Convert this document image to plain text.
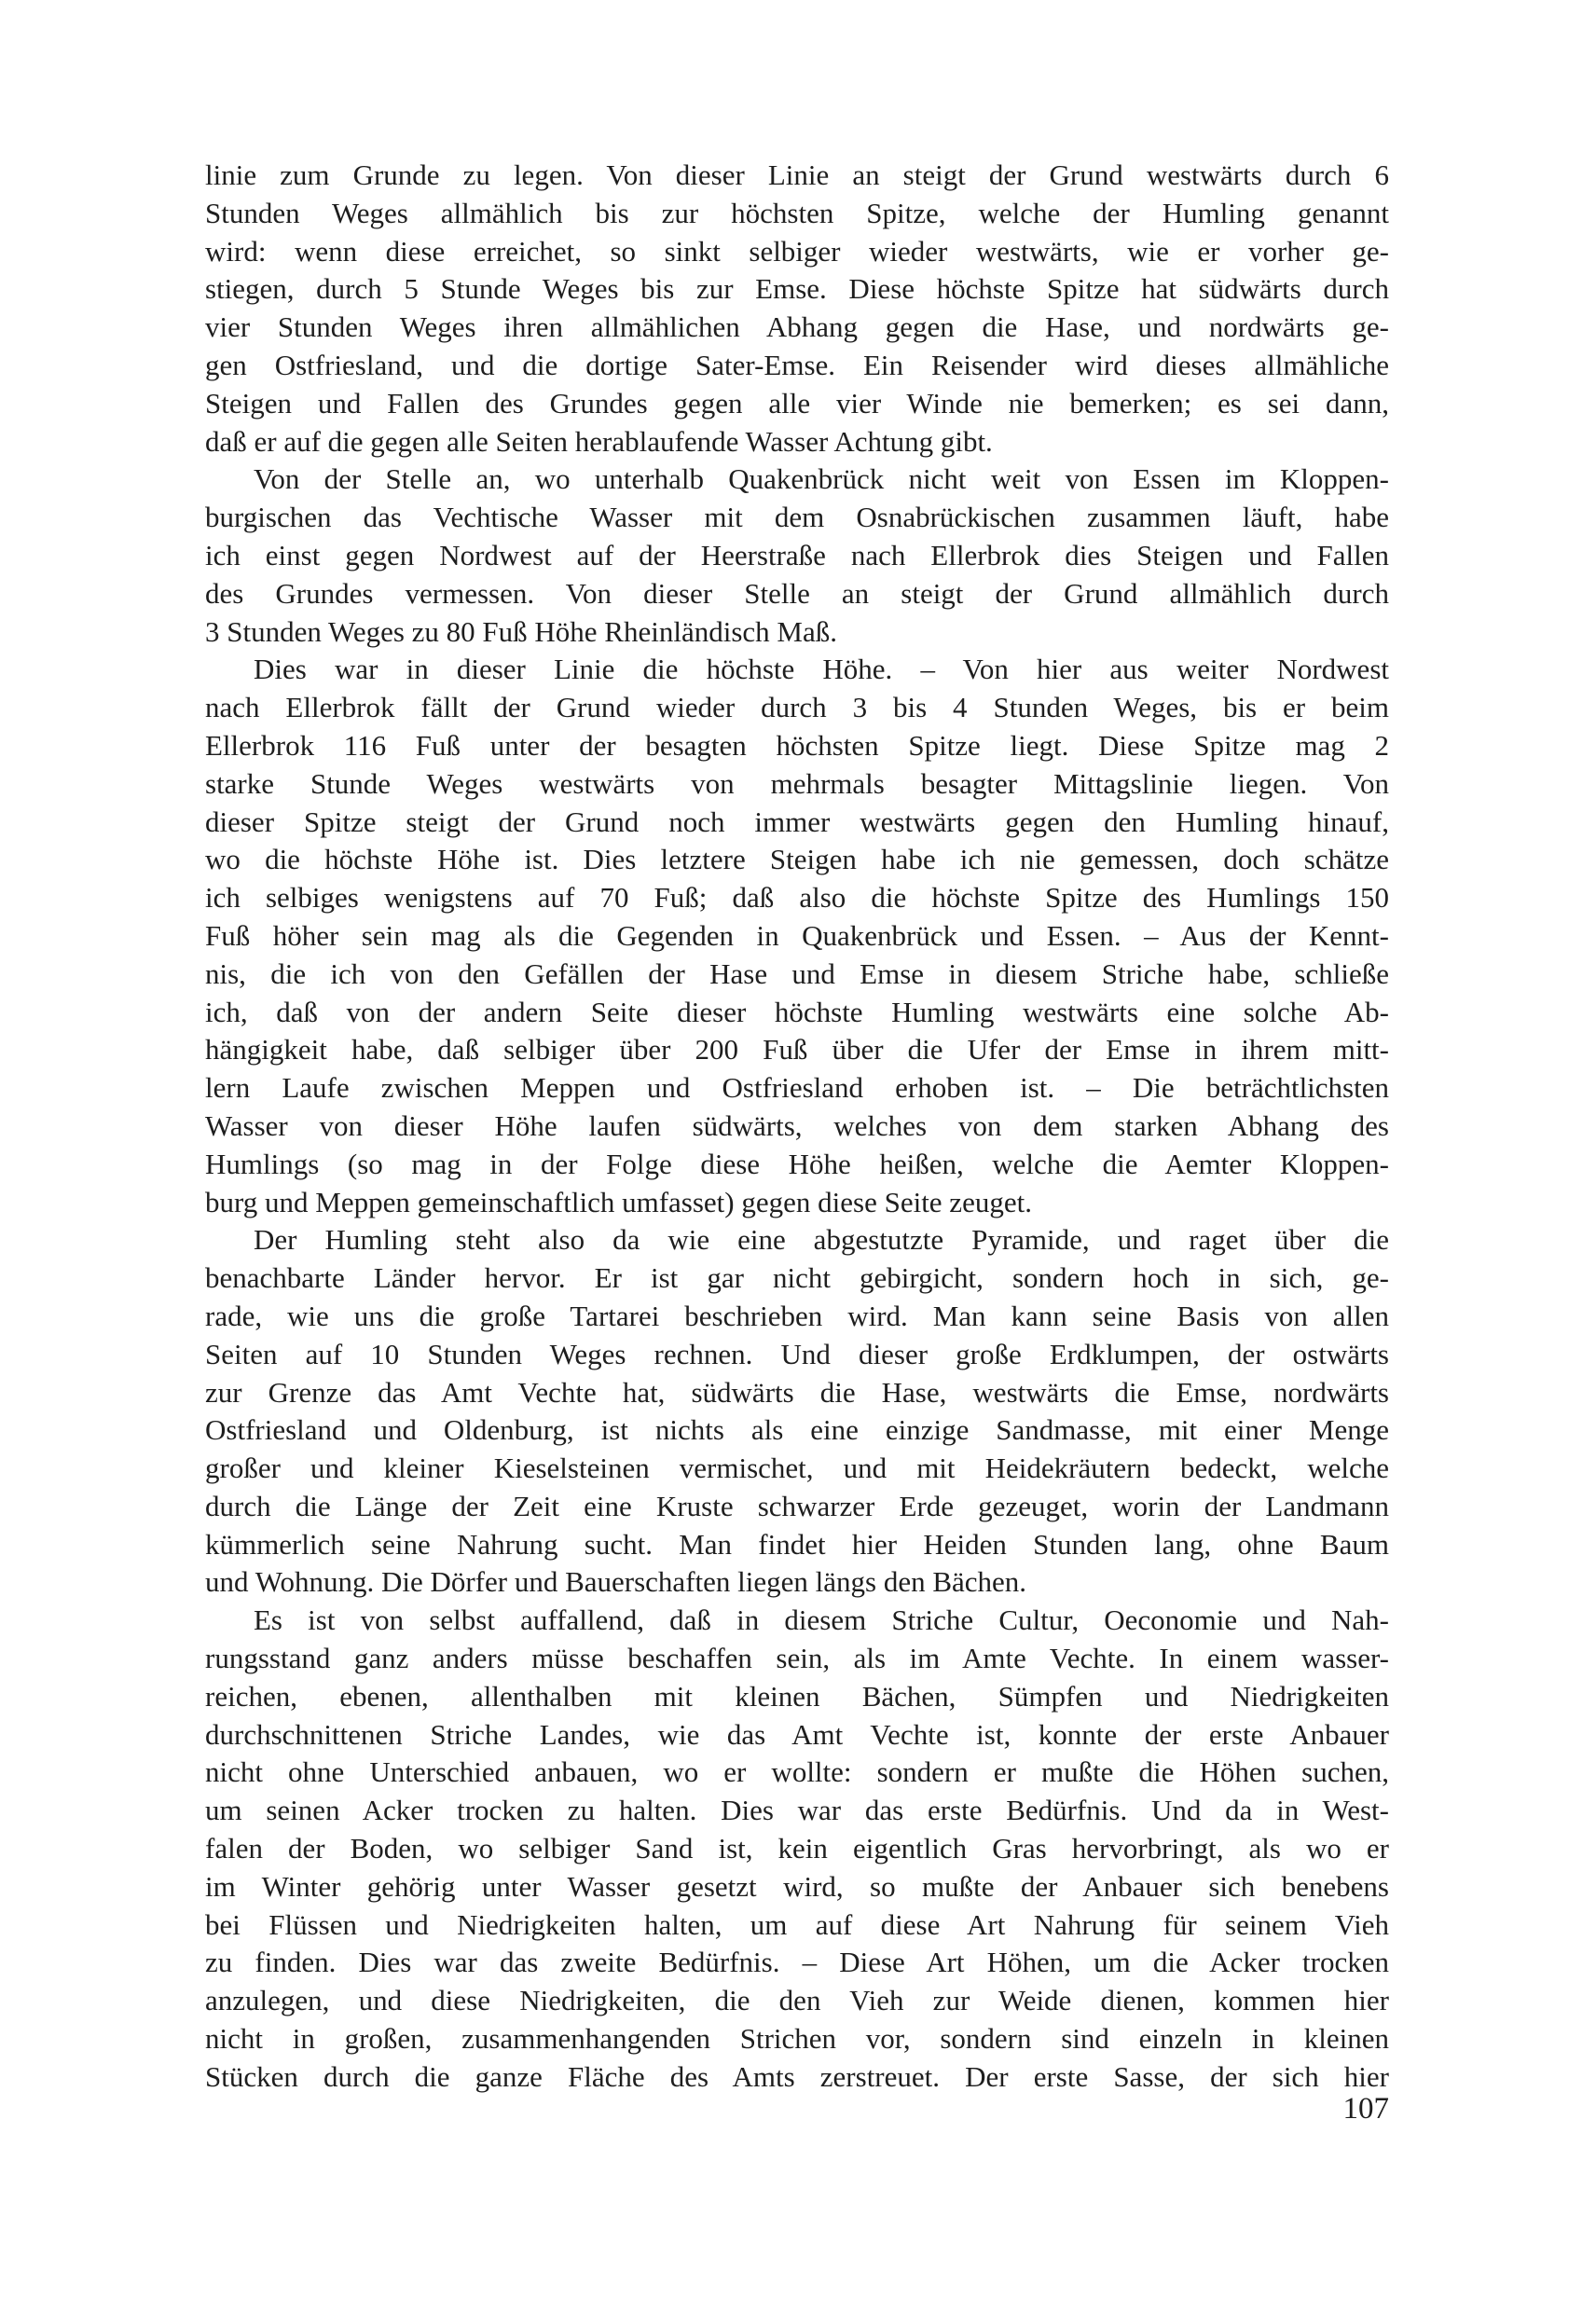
linie zum Grunde zu legen. Von dieser Linie an steigt der Grund westwärts durch 6
Stunden Weges allmählich bis zur höchsten Spitze, welche der Humling genannt
wird: wenn diese erreichet, so sinkt selbiger wieder westwärts, wie er vorher ge-
stiegen, durch 5 Stunde Weges bis zur Emse. Diese höchste Spitze hat südwärts durch
vier Stunden Weges ihren allmählichen Abhang gegen die Hase, und nordwärts ge-
gen Ostfriesland, und die dortige Sater-Emse. Ein Reisender wird dieses allmähliche
Steigen und Fallen des Grundes gegen alle vier Winde nie bemerken; es sei dann,
daß er auf die gegen alle Seiten herablaufende Wasser Achtung gibt.
Von der Stelle an, wo unterhalb Quakenbrück nicht weit von Essen im Kloppen-
burgischen das Vechtische Wasser mit dem Osnabrückischen zusammen läuft, habe
ich einst gegen Nordwest auf der Heerstraße nach Ellerbrok dies Steigen und Fallen
des Grundes vermessen. Von dieser Stelle an steigt der Grund allmählich durch
3 Stunden Weges zu 80 Fuß Höhe Rheinländisch Maß.
Dies war in dieser Linie die höchste Höhe. – Von hier aus weiter Nordwest
nach Ellerbrok fällt der Grund wieder durch 3 bis 4 Stunden Weges, bis er beim
Ellerbrok 116 Fuß unter der besagten höchsten Spitze liegt. Diese Spitze mag 2
starke Stunde Weges westwärts von mehrmals besagter Mittagslinie liegen. Von
dieser Spitze steigt der Grund noch immer westwärts gegen den Humling hinauf,
wo die höchste Höhe ist. Dies letztere Steigen habe ich nie gemessen, doch schätze
ich selbiges wenigstens auf 70 Fuß; daß also die höchste Spitze des Humlings 150
Fuß höher sein mag als die Gegenden in Quakenbrück und Essen. – Aus der Kennt-
nis, die ich von den Gefällen der Hase und Emse in diesem Striche habe, schließe
ich, daß von der andern Seite dieser höchste Humling westwärts eine solche Ab-
hängigkeit habe, daß selbiger über 200 Fuß über die Ufer der Emse in ihrem mitt-
lern Laufe zwischen Meppen und Ostfriesland erhoben ist. – Die beträchtlichsten
Wasser von dieser Höhe laufen südwärts, welches von dem starken Abhang des
Humlings (so mag in der Folge diese Höhe heißen, welche die Aemter Kloppen-
burg und Meppen gemeinschaftlich umfasset) gegen diese Seite zeuget.
Der Humling steht also da wie eine abgestutzte Pyramide, und raget über die
benachbarte Länder hervor. Er ist gar nicht gebirgicht, sondern hoch in sich, ge-
rade, wie uns die große Tartarei beschrieben wird. Man kann seine Basis von allen
Seiten auf 10 Stunden Weges rechnen. Und dieser große Erdklumpen, der ostwärts
zur Grenze das Amt Vechte hat, südwärts die Hase, westwärts die Emse, nordwärts
Ostfriesland und Oldenburg, ist nichts als eine einzige Sandmasse, mit einer Menge
großer und kleiner Kieselsteinen vermischet, und mit Heidekräutern bedeckt, welche
durch die Länge der Zeit eine Kruste schwarzer Erde gezeuget, worin der Landmann
kümmerlich seine Nahrung sucht. Man findet hier Heiden Stunden lang, ohne Baum
und Wohnung. Die Dörfer und Bauerschaften liegen längs den Bächen.
Es ist von selbst auffallend, daß in diesem Striche Cultur, Oeconomie und Nah-
rungsstand ganz anders müsse beschaffen sein, als im Amte Vechte. In einem wasser-
reichen, ebenen, allenthalben mit kleinen Bächen, Sümpfen und Niedrigkeiten
durchschnittenen Striche Landes, wie das Amt Vechte ist, konnte der erste Anbauer
nicht ohne Unterschied anbauen, wo er wollte: sondern er mußte die Höhen suchen,
um seinen Acker trocken zu halten. Dies war das erste Bedürfnis. Und da in West-
falen der Boden, wo selbiger Sand ist, kein eigentlich Gras hervorbringt, als wo er
im Winter gehörig unter Wasser gesetzt wird, so mußte der Anbauer sich benebens
bei Flüssen und Niedrigkeiten halten, um auf diese Art Nahrung für seinem Vieh
zu finden. Dies war das zweite Bedürfnis. – Diese Art Höhen, um die Acker trocken
anzulegen, und diese Niedrigkeiten, die den Vieh zur Weide dienen, kommen hier
nicht in großen, zusammenhangenden Strichen vor, sondern sind einzeln in kleinen
Stücken durch die ganze Fläche des Amts zerstreuet. Der erste Sasse, der sich hier
107
